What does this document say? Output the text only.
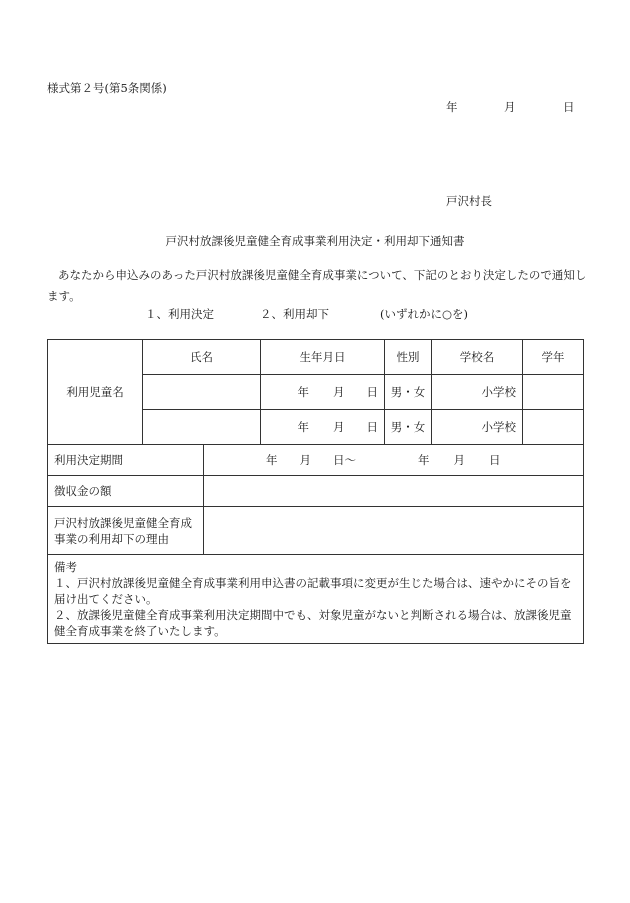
様式第２号(第5条関係)
年	月	日
戸沢村長
戸沢村放課後児童健全育成事業利用決定・利用却下通知書
あなたから申込みのあった戸沢村放課後児童健全育成事業について、下記のとおり決定したので通知します。
１、利用決定	２、利用却下	(いずれかに○を)
利用児童名	氏名		生年月日	性別	学校名	学年
			年 月 日	男・女	小学校	
			年 月 日	男・女	小学校	
利用決定期間		年 月 日〜 年 月 日				
徴収金の額						

戸沢村放課後児童健全育成
事業の利用却下の理由						

備考
１、戸沢村放課後児童健全育成事業利用申込書の記載事項に変更が生じた場合は、速やかにその旨を届け出てください。
２、放課後児童健全育成事業利用決定期間中でも、対象児童がないと判断される場合は、放課後児童健全育成事業を終了いたします。						
